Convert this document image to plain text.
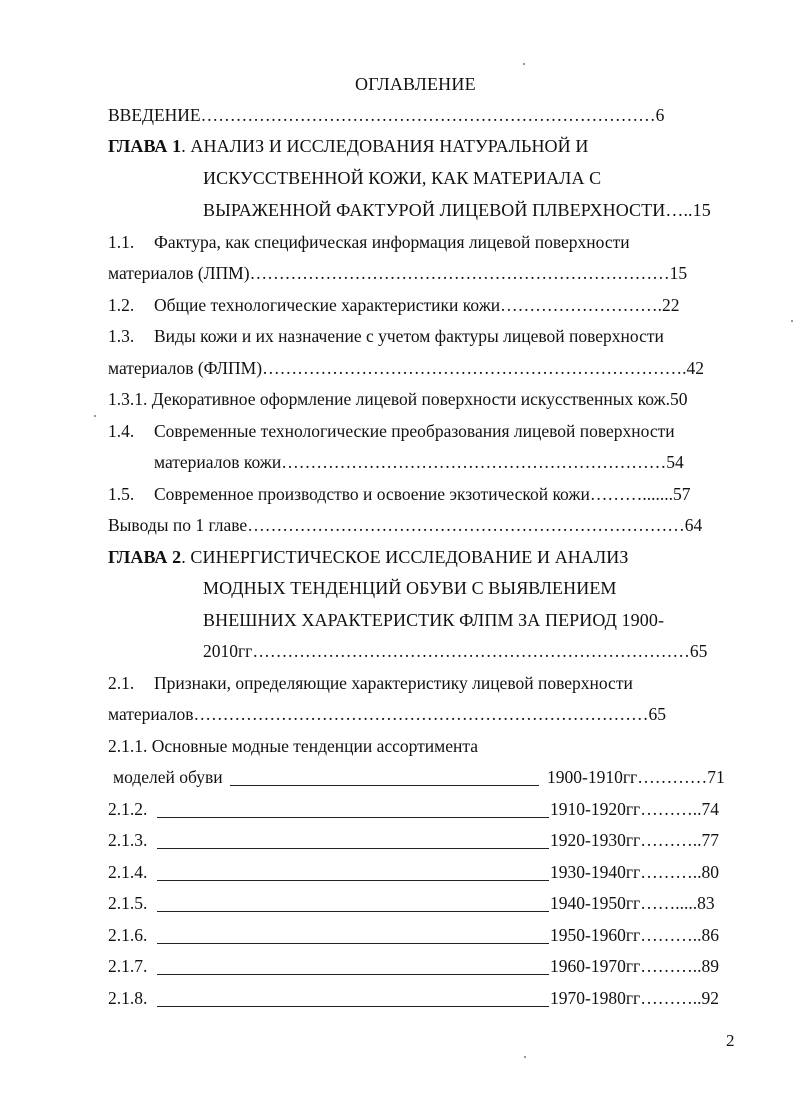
ОГЛАВЛЕНИЕ

ВВЕДЕНИЕ……………………………………………………………………6

ГЛАВА 1. АНАЛИЗ И ИССЛЕДОВАНИЯ НАТУРАЛЬНОЙ И

ИСКУССТВЕННОЙ КОЖИ, КАК МАТЕРИАЛА С

ВЫРАЖЕННОЙ ФАКТУРОЙ ЛИЦЕВОЙ ПЛВЕРХНОСТИ…..15

1.1. Фактура, как специфическая информация лицевой поверхности

материалов (ЛПМ)………………………………………………………………15

1.2. Общие технологические характеристики кожи……………………….22

1.3. Виды кожи и их назначение с учетом фактуры лицевой поверхности

материалов (ФЛПМ)……………………………………………………………….42

1.3.1. Декоративное оформление лицевой поверхности искусственных кож.50

1.4. Современные технологические преобразования лицевой поверхности

материалов кожи…………………………………………………………54

1.5. Современное производство и освоение экзотической кожи……….......57

Выводы по 1 главе…………………………………………………………………64

ГЛАВА 2. СИНЕРГИСТИЧЕСКОЕ ИССЛЕДОВАНИЕ И АНАЛИЗ

МОДНЫХ ТЕНДЕНЦИЙ ОБУВИ С ВЫЯВЛЕНИЕМ

ВНЕШНИХ ХАРАКТЕРИСТИК ФЛПМ ЗА ПЕРИОД 1900-

2010гг…………………………………………………………………65

2.1. Признаки, определяющие характеристику лицевой поверхности

материалов……………………………………………………………………65

2.1.1. Основные модные тенденции ассортимента

моделей обуви	1900-1910гг…………71

2.1.2.	1910-1920гг………..74

2.1.3.	1920-1930гг………..77

2.1.4.	1930-1940гг………..80

2.1.5.	1940-1950гг…….....83

2.1.6.	1950-1960гг………..86

2.1.7.	1960-1970гг………..89

2.1.8.	1970-1980гг………..92

2
